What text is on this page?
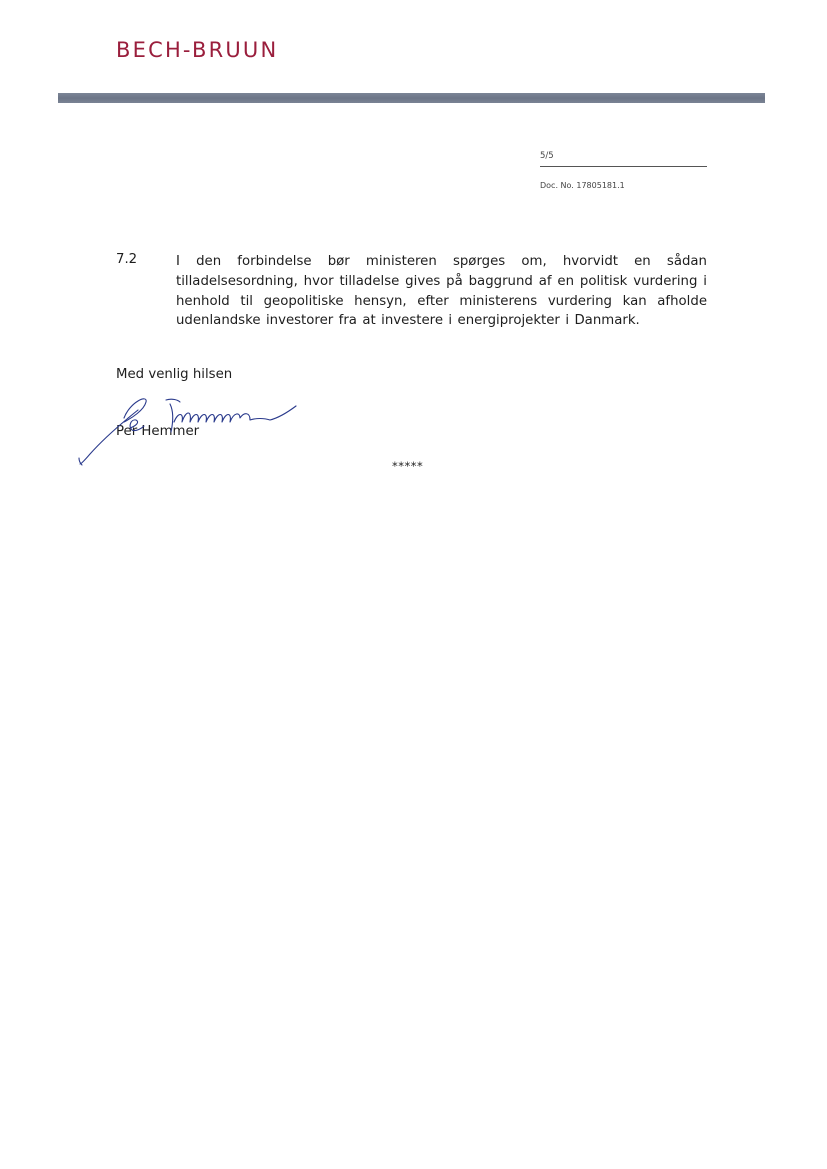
BECH-BRUUN
5/5
Doc. No. 17805181.1
7.2	I den forbindelse bør ministeren spørges om, hvorvidt en sådan tilladelsesordning, hvor tilladelse gives på baggrund af en politisk vurdering i henhold til geopolitiske hensyn, efter ministerens vurdering kan afholde udenlandske investorer fra at investere i energiprojekter i Danmark.
Med venlig hilsen
Per Hemmer
*****
